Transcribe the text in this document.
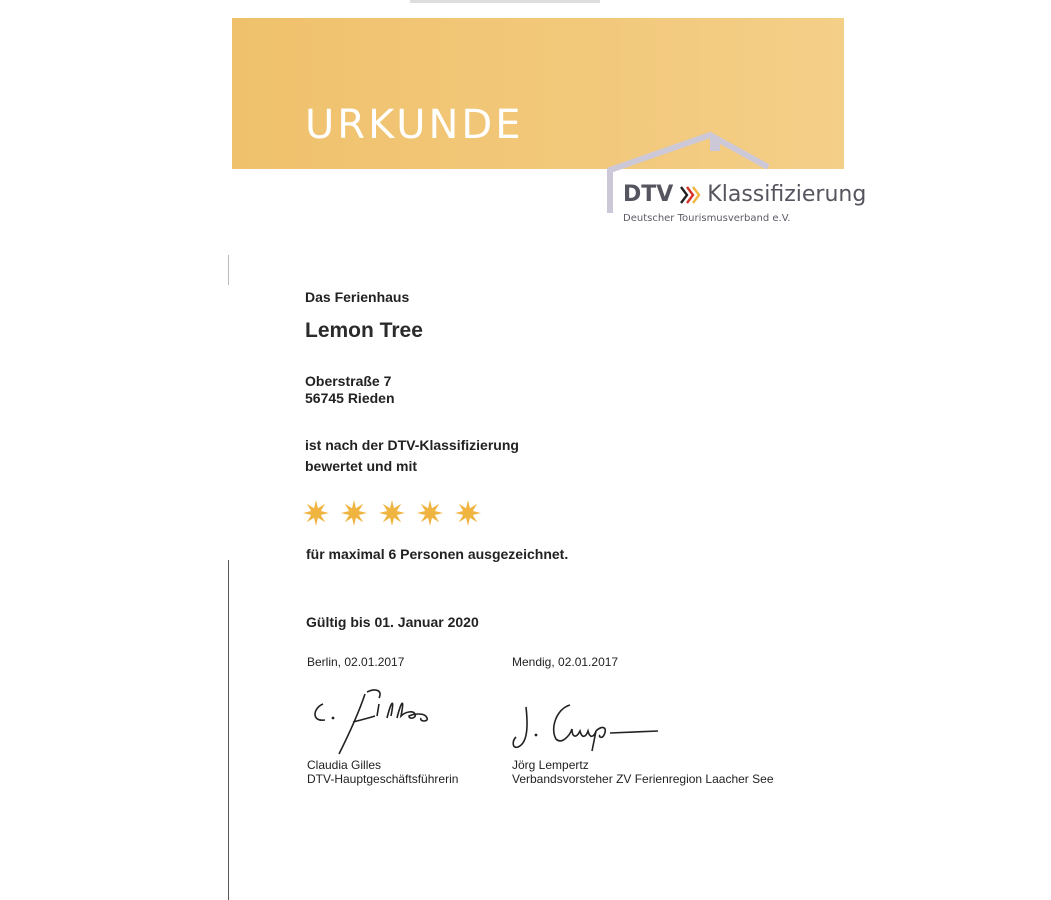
URKUNDE
DTV Klassifizierung
Deutscher Tourismusverband e.V.
Das Ferienhaus
Lemon Tree
Oberstraße 7
56745 Rieden
ist nach der DTV-Klassifizierung
bewertet und mit
für maximal 6 Personen ausgezeichnet.
Gültig bis 01. Januar 2020
Berlin, 02.01.2017	Mendig, 02.01.2017
Claudia Gilles
DTV-Hauptgeschäftsführerin
Jörg Lempertz
Verbandsvorsteher ZV Ferienregion Laacher See
